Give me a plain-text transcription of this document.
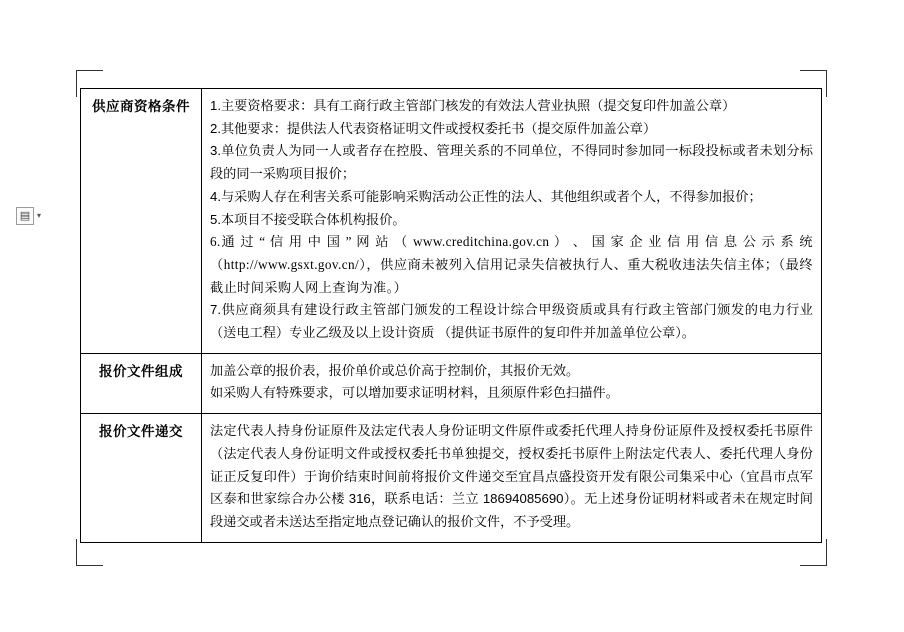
▤ ▾
供应商资格条件	1.主要资格要求：具有工商行政主管部门核发的有效法人营业执照（提交复印件加盖公章）

2.其他要求：提供法人代表资格证明文件或授权委托书（提交原件加盖公章）

3.单位负责人为同一人或者存在控股、管理关系的不同单位，不得同时参加同一标段投标或者未划分标段的同一采购项目报价；

4.与采购人存在利害关系可能影响采购活动公正性的法人、其他组织或者个人，不得参加报价；

5.本项目不接受联合体机构报价。

6.通 过 “ 信 用 中 国 ” 网 站 （ www.creditchina.gov.cn ） 、 国 家 企 业 信 用 信 息 公 示 系 统（http://www.gsxt.gov.cn/），供应商未被列入信用记录失信被执行人、重大税收违法失信主体；（最终截止时间采购人网上查询为准。）

7.供应商须具有建设行政主管部门颁发的工程设计综合甲级资质或具有行政主管部门颁发的电力行业（送电工程）专业乙级及以上设计资质 （提供证书原件的复印件并加盖单位公章）。

报价文件组成	加盖公章的报价表，报价单价或总价高于控制价，其报价无效。

如采购人有特殊要求，可以增加要求证明材料，且须原件彩色扫描件。

报价文件递交	法定代表人持身份证原件及法定代表人身份证明文件原件或委托代理人持身份证原件及授权委托书原件（法定代表人身份证明文件或授权委托书单独提交，授权委托书原件上附法定代表人、委托代理人身份证正反复印件）于询价结束时间前将报价文件递交至宜昌点盛投资开发有限公司集采中心（宜昌市点军区泰和世家综合办公楼 316，联系电话：兰立 18694085690）。无上述身份证明材料或者未在规定时间段递交或者未送达至指定地点登记确认的报价文件，不予受理。
